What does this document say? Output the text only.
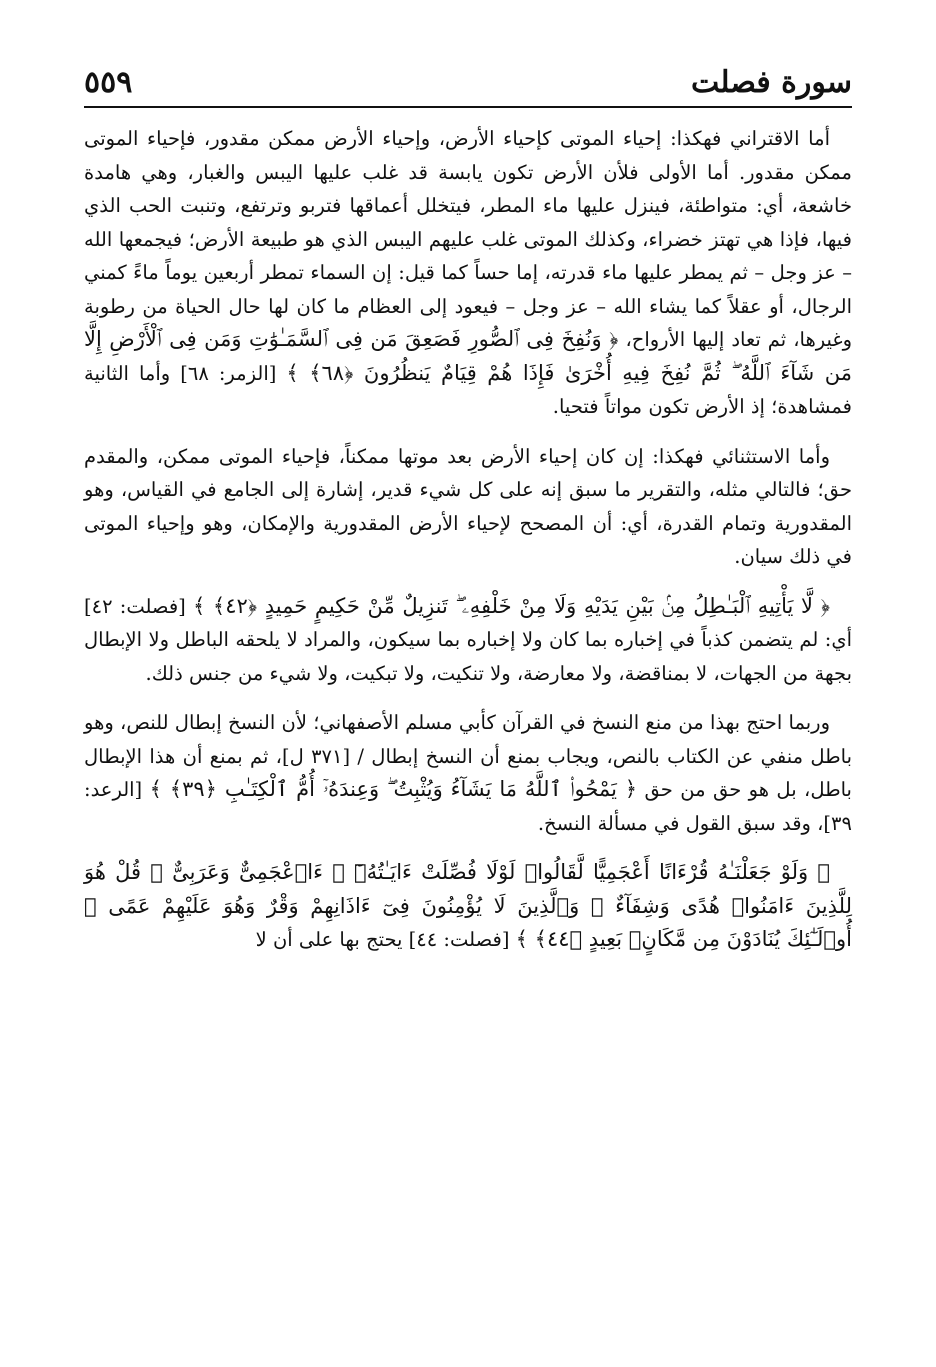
سورة فصلت
٥٥٩

أما الاقتراني فهكذا: إحياء الموتى كإحياء الأرض، وإحياء الأرض ممكن مقدور، فإحياء الموتى ممكن مقدور. أما الأولى فلأن الأرض تكون يابسة قد غلب عليها اليبس والغبار، وهي هامدة خاشعة، أي: متواطئة، فينزل عليها ماء المطر، فيتخلل أعماقها فتربو وترتفع، وتنبت الحب الذي فيها، فإذا هي تهتز خضراء، وكذلك الموتى غلب عليهم اليبس الذي هو طبيعة الأرض؛ فيجمعها الله – عز وجل – ثم يمطر عليها ماء قدرته، إما حساً كما قيل: إن السماء تمطر أربعين يوماً ماءً كمني الرجال، أو عقلاً كما يشاء الله – عز وجل – فيعود إلى العظام ما كان لها حال الحياة من رطوبة وغيرها، ثم تعاد إليها الأرواح، ﴿ وَنُفِخَ فِى ٱلصُّورِ فَصَعِقَ مَن فِى ٱلسَّمَـٰوَٰتِ وَمَن فِى ٱلْأَرْضِ إِلَّا مَن شَآءَ ٱللَّهُ ۖ ثُمَّ نُفِخَ فِيهِ أُخْرَىٰ فَإِذَا هُمْ قِيَامٌ يَنظُرُونَ ﴿٦٨﴾ ﴾ [الزمر: ٦٨] وأما الثانية فمشاهدة؛ إذ الأرض تكون مواتاً فتحيا.

وأما الاستثنائي فهكذا: إن كان إحياء الأرض بعد موتها ممكناً، فإحياء الموتى ممكن، والمقدم حق؛ فالتالي مثله، والتقرير ما سبق إنه على كل شيء قدير، إشارة إلى الجامع في القياس، وهو المقدورية وتمام القدرة، أي: أن المصحح لإحياء الأرض المقدورية والإمكان، وهو وإحياء الموتى في ذلك سيان.

﴿ لَّا يَأْتِيهِ ٱلْبَـٰطِلُ مِنۢ بَيْنِ يَدَيْهِ وَلَا مِنْ خَلْفِهِۦ ۖ تَنزِيلٌ مِّنْ حَكِيمٍ حَمِيدٍ ﴿٤٢﴾ ﴾ [فصلت: ٤٢] أي: لم يتضمن كذباً في إخباره بما كان ولا إخباره بما سيكون، والمراد لا يلحقه الباطل ولا الإبطال بجهة من الجهات، لا بمناقضة، ولا معارضة، ولا تنكيت، ولا تبكيت، ولا شيء من جنس ذلك.

وربما احتج بهذا من منع النسخ في القرآن كأبي مسلم الأصفهاني؛ لأن النسخ إبطال للنص، وهو باطل منفي عن الكتاب بالنص، ويجاب بمنع أن النسخ إبطال / [٣٧١ ل]، ثم بمنع أن هذا الإبطال باطل، بل هو حق من حق ﴿ يَمْحُوا۟ ٱللَّهُ مَا يَشَآءُ وَيُثْبِتُ ۖ وَعِندَهُۥٓ أُمُّ ٱلْكِتَـٰبِ ﴿٣٩﴾ ﴾ [الرعد: ٣٩]، وقد سبق القول في مسألة النسخ.

﴿ وَلَوْ جَعَلْنَـٰهُ قُرْءَانًا أَعْجَمِيًّا لَّقَالُوا۟ لَوْلَا فُصِّلَتْ ءَايَـٰتُهُۥٓ ۖ ءَا۬عْجَمِىٌّ وَعَرَبِىٌّ ۗ قُلْ هُوَ لِلَّذِينَ ءَامَنُوا۟ هُدًى وَشِفَآءٌ ۖ وَٱلَّذِينَ لَا يُؤْمِنُونَ فِىٓ ءَاذَانِهِمْ وَقْرٌ وَهُوَ عَلَيْهِمْ عَمًى ۚ أُو۟لَـٰٓئِكَ يُنَادَوْنَ مِن مَّكَانٍۭ بَعِيدٍ ﴿٤٤﴾ ﴾ [فصلت: ٤٤] يحتج بها على أن لا
